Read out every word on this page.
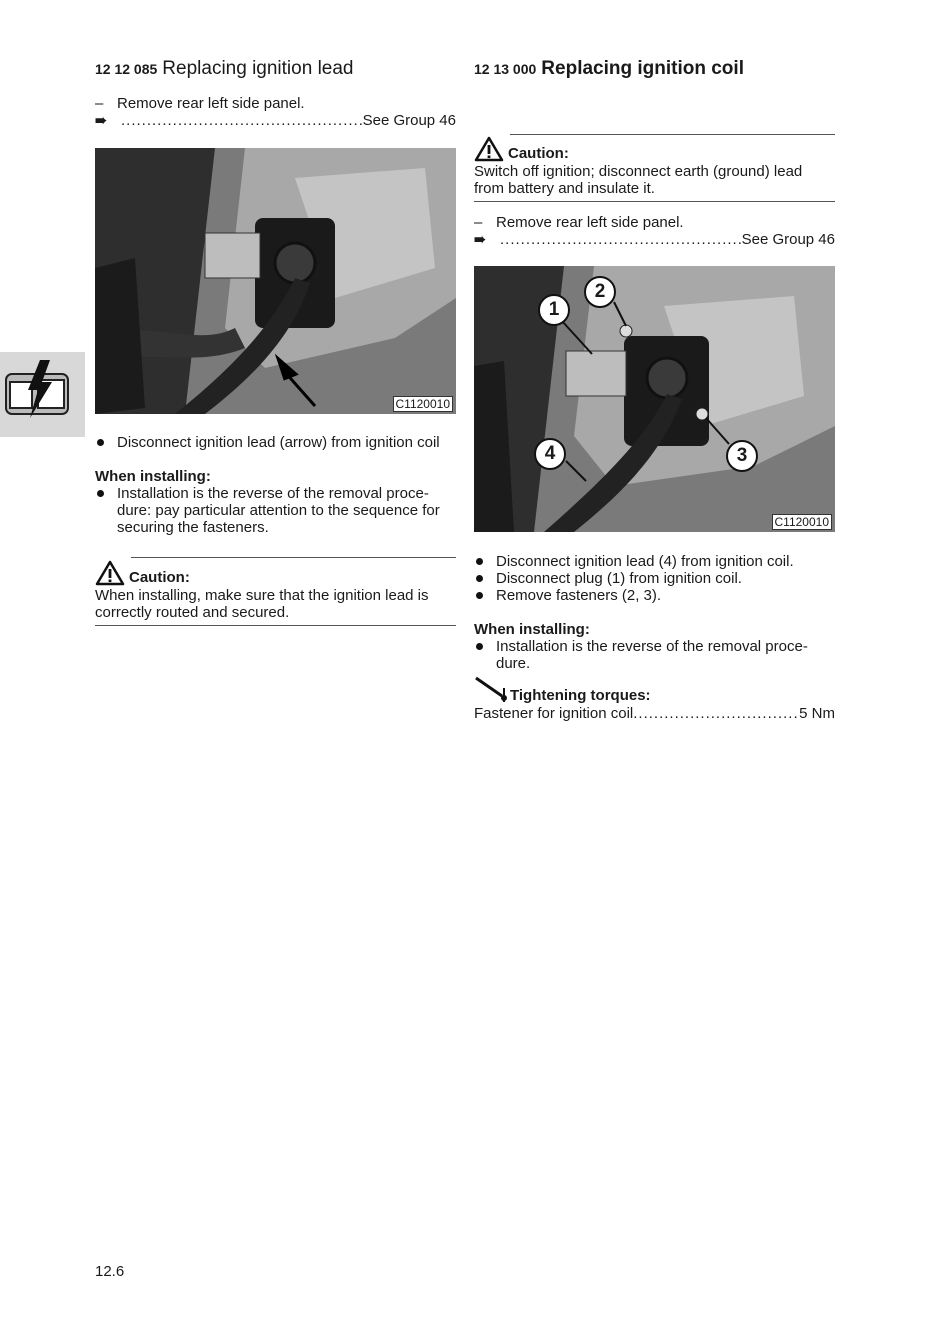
12 12 085 Replacing ignition lead
– Remove rear left side panel.
➠ .....	See Group 46
C1120010
Disconnect ignition lead (arrow) from ignition coil
When installing:
Installation is the reverse of the removal proce-
dure: pay particular attention to the sequence for
securing the fasteners.
Caution:
When installing, make sure that the ignition lead is
correctly routed and secured.
12 13 000 Replacing ignition coil
Caution:
Switch off ignition; disconnect earth (ground) lead
from battery and insulate it.
– Remove rear left side panel.
➠ .....	See Group 46
1
2
3
4
C1120010
Disconnect ignition lead (4) from ignition coil.
Disconnect plug (1) from ignition coil.
Remove fasteners (2, 3).
When installing:
Installation is the reverse of the removal proce-
dure.
Tightening torques:
Fastener for ignition coil .....	5 Nm
12.6
